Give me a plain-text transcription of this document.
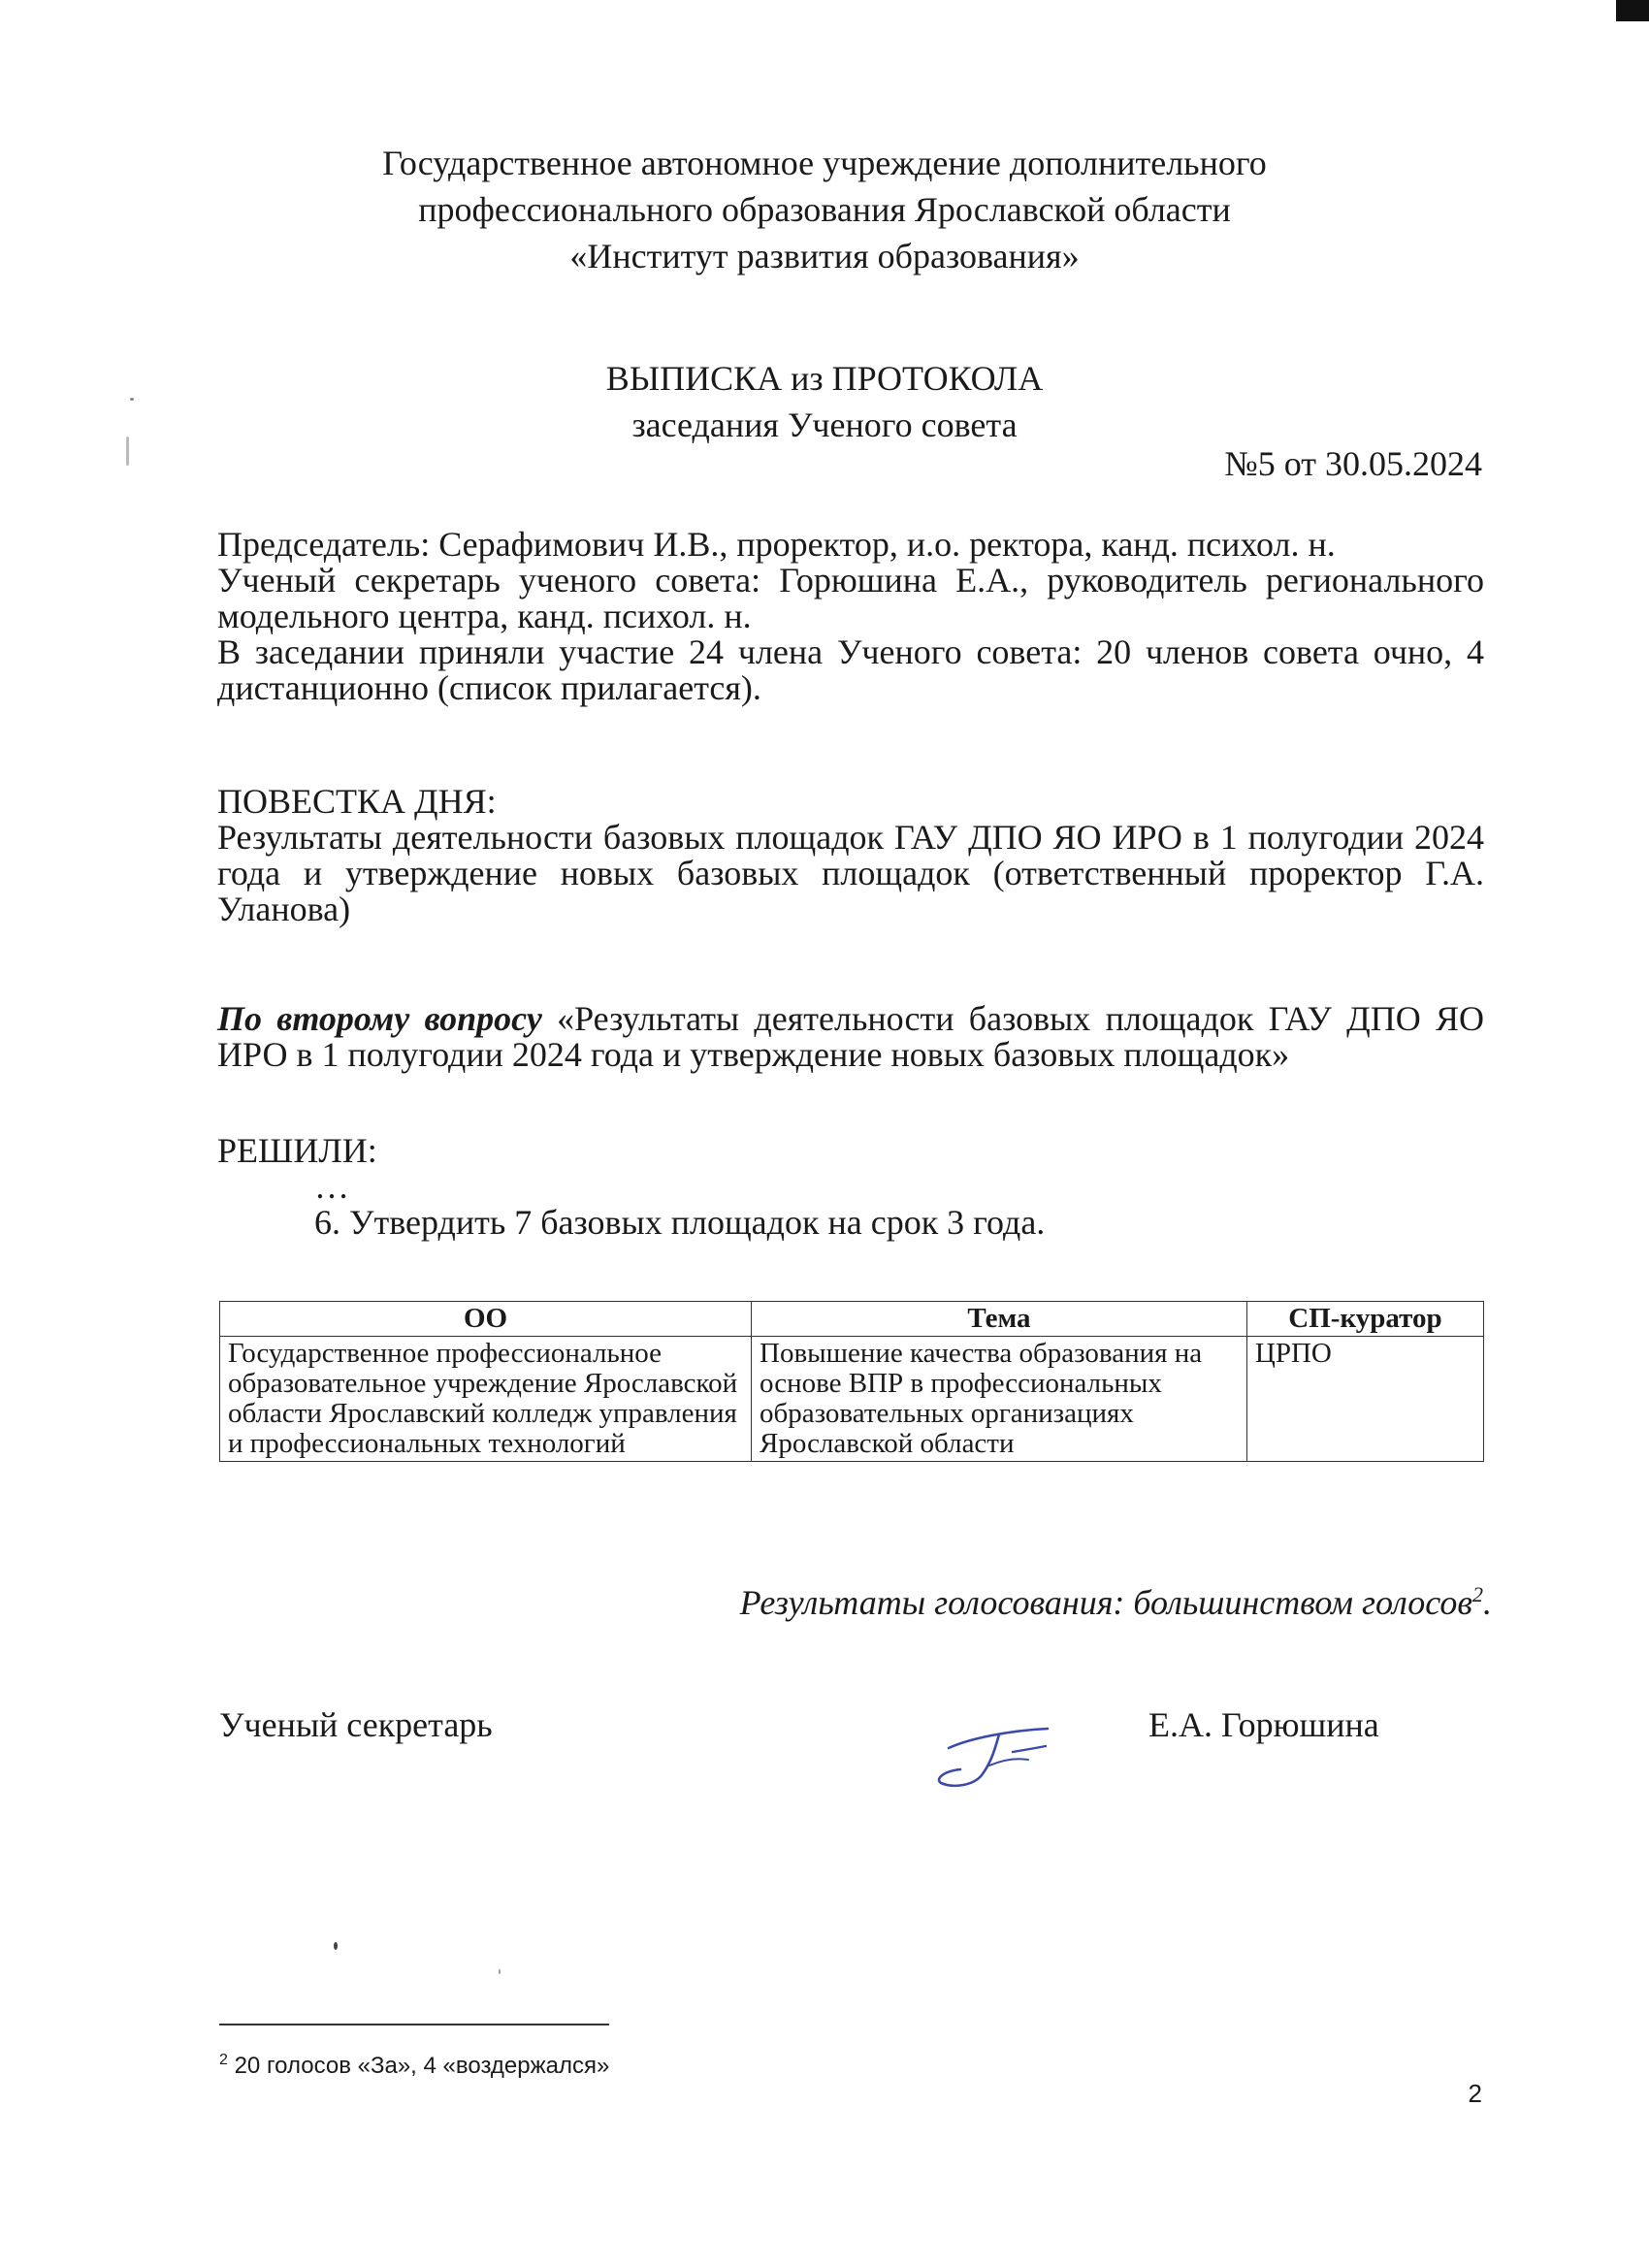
Государственное автономное учреждение дополнительного
профессионального образования Ярославской области
«Институт развития образования»
ВЫПИСКА из ПРОТОКОЛА
заседания Ученого совета
№5 от 30.05.2024

Председатель: Серафимович И.В., проректор, и.о. ректора, канд. психол. н.

Ученый секретарь ученого совета: Горюшина Е.А., руководитель регионального модельного центра, канд. психол. н.

В заседании приняли участие 24 члена Ученого совета: 20 членов совета очно, 4 дистанционно (список прилагается).

ПОВЕСТКА ДНЯ:

Результаты деятельности базовых площадок ГАУ ДПО ЯО ИРО в 1 полугодии 2024 года и утверждение новых базовых площадок (ответственный проректор Г.А. Уланова)

По второму вопросу «Результаты деятельности базовых площадок ГАУ ДПО ЯО ИРО в 1 полугодии 2024 года и утверждение новых базовых площадок»

РЕШИЛИ:

…

6. Утвердить 7 базовых площадок на срок 3 года.

ОО	Тема	СП-куратор
Государственное профессиональное образовательное учреждение Ярославской области Ярославский колледж управления и профессиональных технологий	Повышение качества образования на основе ВПР в профессиональных образовательных организациях Ярославской области	ЦРПО
Результаты голосования: большинством голосов$^2$.
Ученый секретарь	Е.А. Горюшина
$^2$ 20 голосов «За», 4 «воздержался»
2
